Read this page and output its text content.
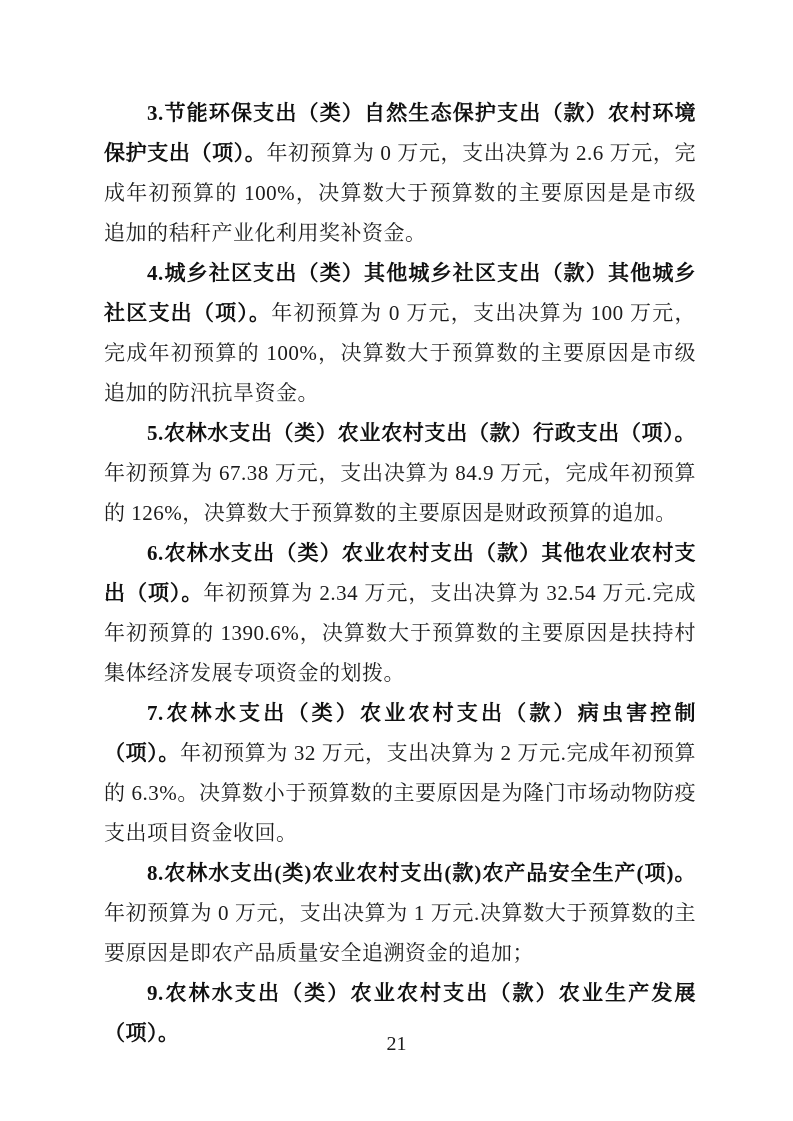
3.节能环保支出（类）自然生态保护支出（款）农村环境保护支出（项）。年初预算为 0 万元，支出决算为 2.6 万元，完成年初预算的 100%，决算数大于预算数的主要原因是是市级追加的秸秆产业化利用奖补资金。

4.城乡社区支出（类）其他城乡社区支出（款）其他城乡社区支出（项）。年初预算为 0 万元，支出决算为 100 万元，完成年初预算的 100%，决算数大于预算数的主要原因是市级追加的防汛抗旱资金。

5.农林水支出（类）农业农村支出（款）行政支出（项）。年初预算为 67.38 万元，支出决算为 84.9 万元，完成年初预算的 126%，决算数大于预算数的主要原因是财政预算的追加。

6.农林水支出（类）农业农村支出（款）其他农业农村支出（项）。年初预算为 2.34 万元，支出决算为 32.54 万元.完成年初预算的 1390.6%，决算数大于预算数的主要原因是扶持村集体经济发展专项资金的划拨。

7.农林水支出（类）农业农村支出（款）病虫害控制（项）。年初预算为 32 万元，支出决算为 2 万元.完成年初预算的 6.3%。决算数小于预算数的主要原因是为隆门市场动物防疫支出项目资金收回。

8.农林水支出(类)农业农村支出(款)农产品安全生产(项)。年初预算为 0 万元，支出决算为 1 万元.决算数大于预算数的主要原因是即农产品质量安全追溯资金的追加；

9.农林水支出（类）农业农村支出（款）农业生产发展（项）。	21
